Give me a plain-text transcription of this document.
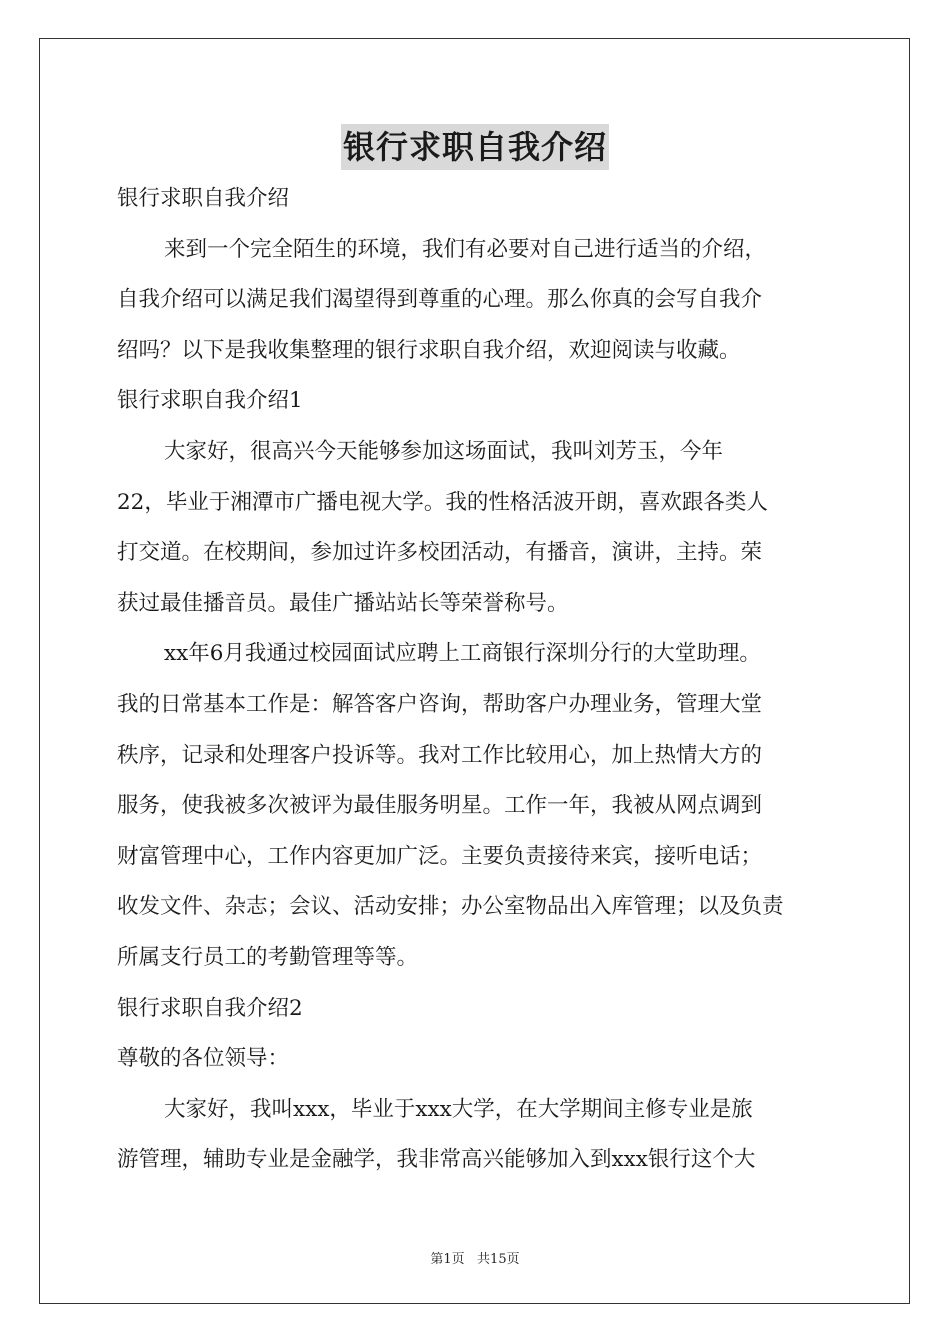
银行求职自我介绍
银行求职自我介绍
来到一个完全陌生的环境，我们有必要对自己进行适当的介绍，
自我介绍可以满足我们渴望得到尊重的心理。那么你真的会写自我介
绍吗？以下是我收集整理的银行求职自我介绍，欢迎阅读与收藏。
银行求职自我介绍1
大家好，很高兴今天能够参加这场面试，我叫刘芳玉，今年
22，毕业于湘潭市广播电视大学。我的性格活波开朗，喜欢跟各类人
打交道。在校期间，参加过许多校团活动，有播音，演讲，主持。荣
获过最佳播音员。最佳广播站站长等荣誉称号。
xx年6月我通过校园面试应聘上工商银行深圳分行的大堂助理。
我的日常基本工作是：解答客户咨询，帮助客户办理业务，管理大堂
秩序，记录和处理客户投诉等。我对工作比较用心，加上热情大方的
服务，使我被多次被评为最佳服务明星。工作一年，我被从网点调到
财富管理中心，工作内容更加广泛。主要负责接待来宾，接听电话；
收发文件、杂志；会议、活动安排；办公室物品出入库管理；以及负责
所属支行员工的考勤管理等等。
银行求职自我介绍2
尊敬的各位领导：
大家好，我叫xxx，毕业于xxx大学，在大学期间主修专业是旅
游管理，辅助专业是金融学，我非常高兴能够加入到xxx银行这个大
第1页   共15页
